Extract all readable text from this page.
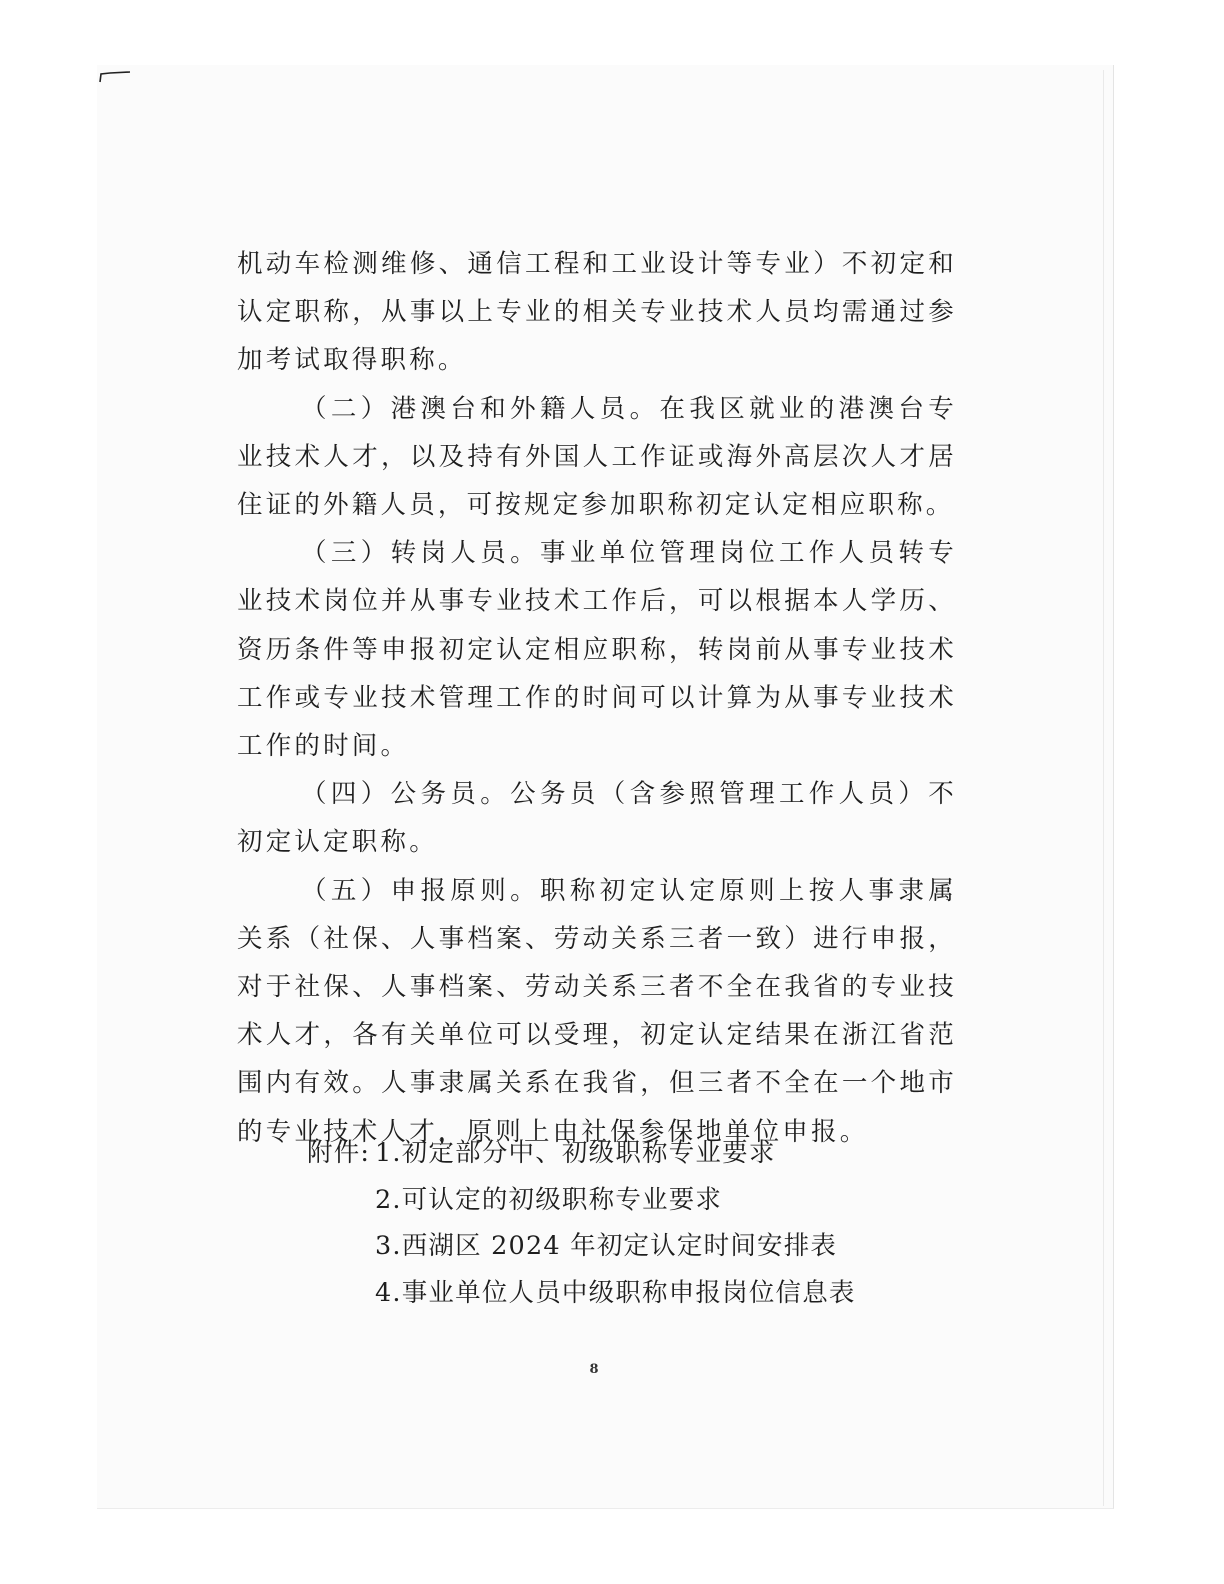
机动车检测维修、通信工程和工业设计等专业）不初定和认定职称，从事以上专业的相关专业技术人员均需通过参加考试取得职称。

（二）港澳台和外籍人员。在我区就业的港澳台专业技术人才，以及持有外国人工作证或海外高层次人才居住证的外籍人员，可按规定参加职称初定认定相应职称。

（三）转岗人员。事业单位管理岗位工作人员转专业技术岗位并从事专业技术工作后，可以根据本人学历、资历条件等申报初定认定相应职称，转岗前从事专业技术工作或专业技术管理工作的时间可以计算为从事专业技术工作的时间。

（四）公务员。公务员（含参照管理工作人员）不初定认定职称。

（五）申报原则。职称初定认定原则上按人事隶属关系（社保、人事档案、劳动关系三者一致）进行申报，对于社保、人事档案、劳动关系三者不全在我省的专业技术人才，各有关单位可以受理，初定认定结果在浙江省范围内有效。人事隶属关系在我省，但三者不全在一个地市的专业技术人才，原则上由社保参保地单位申报。

附件: 1.初定部分中、初级职称专业要求
2.可认定的初级职称专业要求
3.西湖区 2024 年初定认定时间安排表
4.事业单位人员中级职称申报岗位信息表
8
